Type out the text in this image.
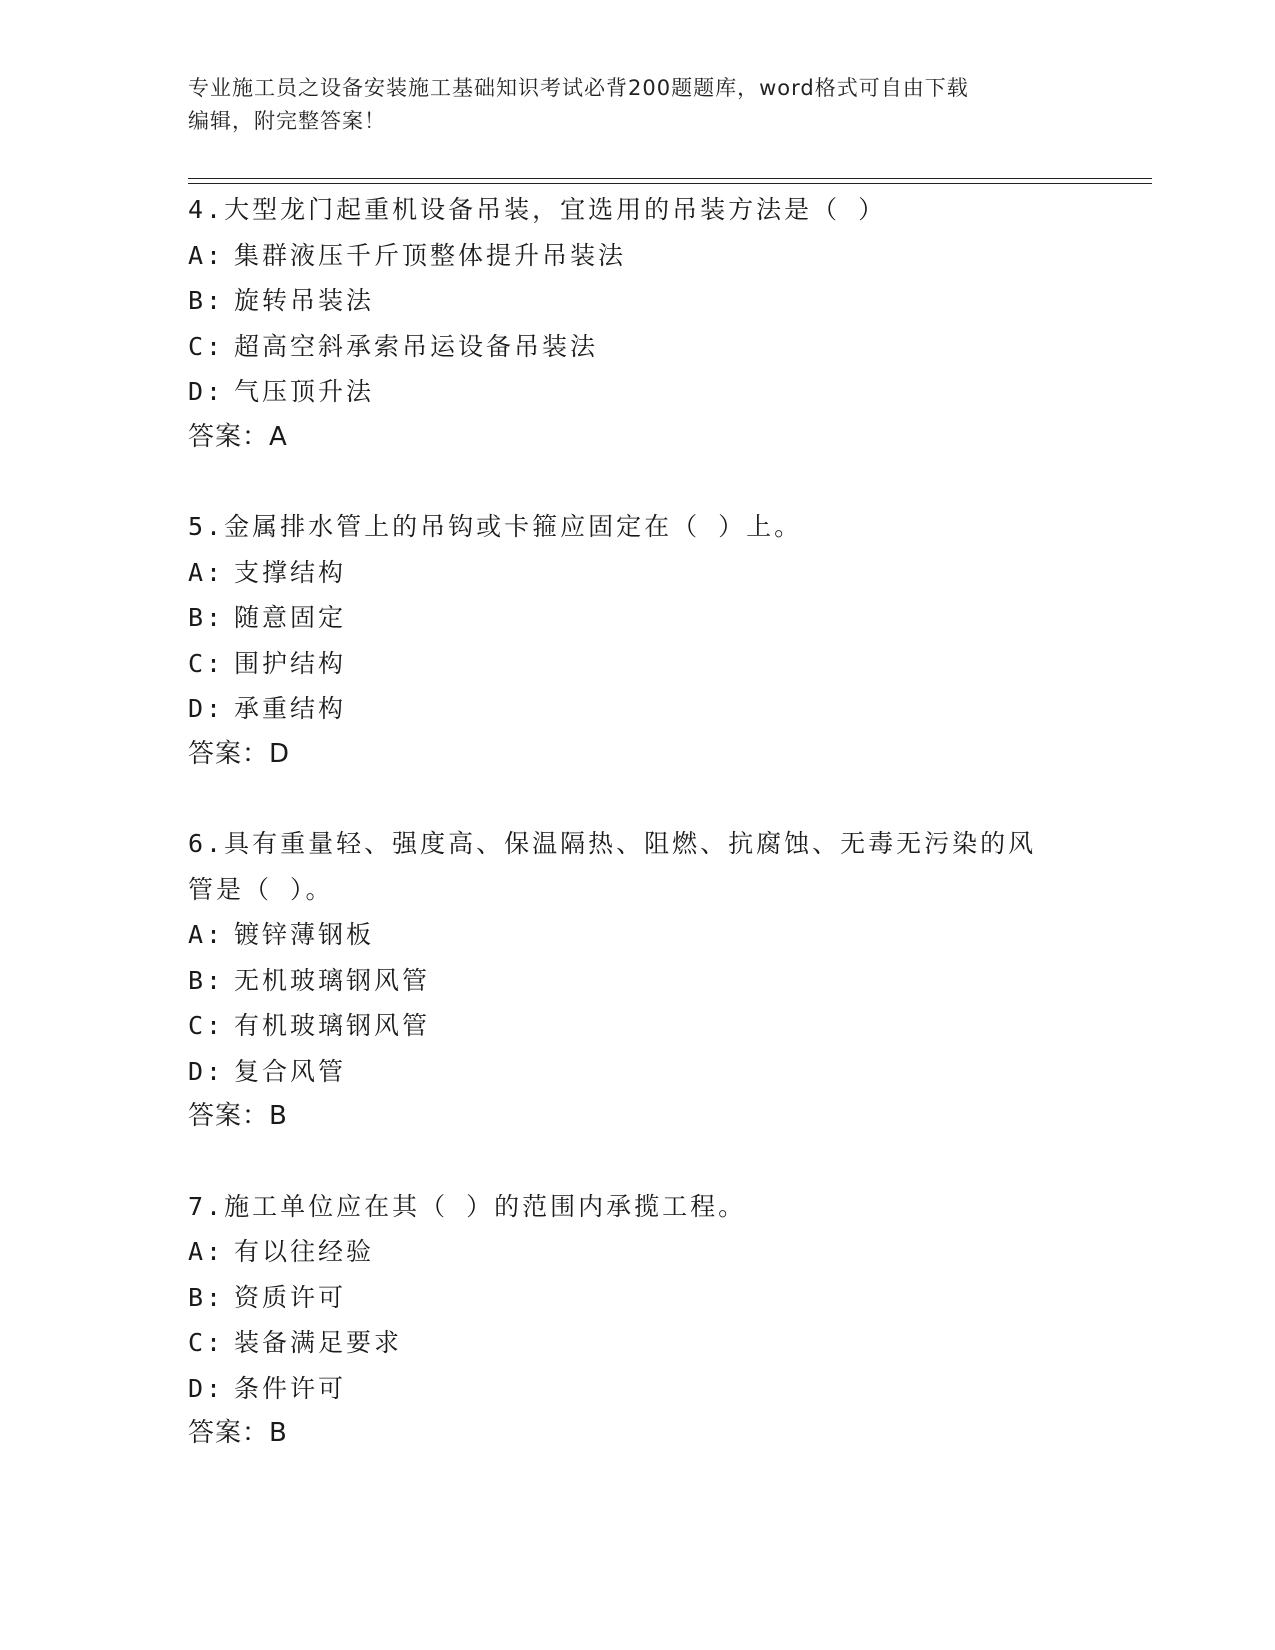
专业施工员之设备安装施工基础知识考试必背200题题库，word格式可自由下载
编辑，附完整答案！
4.大型龙门起重机设备吊装，宜选用的吊装方法是（ ）
A: 集群液压千斤顶整体提升吊装法
B: 旋转吊装法
C: 超高空斜承索吊运设备吊装法
D: 气压顶升法
答案：A
5.金属排水管上的吊钩或卡箍应固定在（ ）上。
A: 支撑结构
B: 随意固定
C: 围护结构
D: 承重结构
答案：D
6.具有重量轻、强度高、保温隔热、阻燃、抗腐蚀、无毒无污染的风
管是（ ）。
A: 镀锌薄钢板
B: 无机玻璃钢风管
C: 有机玻璃钢风管
D: 复合风管
答案：B
7.施工单位应在其（ ）的范围内承揽工程。
A: 有以往经验
B: 资质许可
C: 装备满足要求
D: 条件许可
答案：B
